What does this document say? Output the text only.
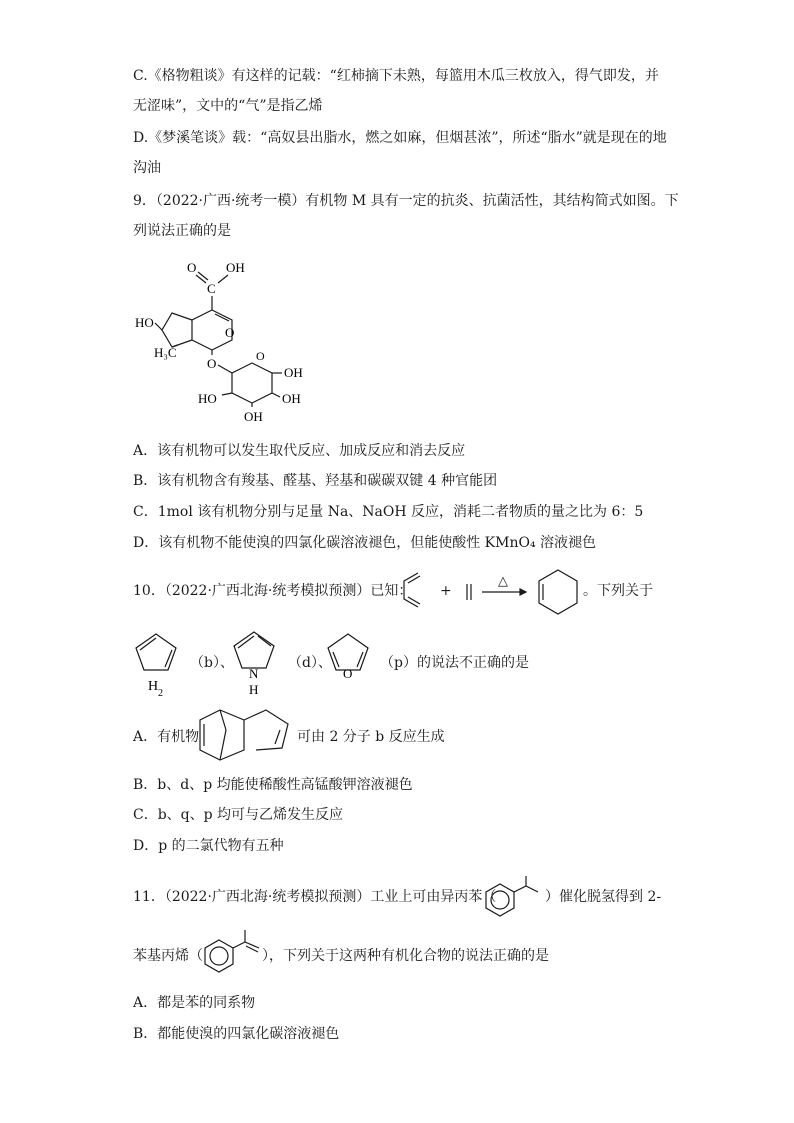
C.《格物粗谈》有这样的记载：“红柿摘下未熟，每篮用木瓜三枚放入，得气即发，并
无涩味”，文中的“气”是指乙烯
D.《梦溪笔谈》载：“高奴县出脂水，燃之如麻，但烟甚浓”，所述“脂水”就是现在的地
沟油
9．（2022·广西·统考一模）有机物 M 具有一定的抗炎、抗菌活性，其结构简式如图。下
列说法正确的是
O OH
C
O
HO
H₃C
O	O
OH
HO
OH
OH
A．该有机物可以发生取代反应、加成反应和消去反应
B．该有机物含有羧基、醛基、羟基和碳碳双键 4 种官能团
C．1mol 该有机物分别与足量 Na、NaOH 反应，消耗二者物质的量之比为 6：5
D．该有机物不能使溴的四氯化碳溶液褪色，但能使酸性 KMnO₄ 溶液褪色
10．（2022·广西北海·统考模拟预测）已知： +
△
。下列关于
H 2
（b）、
N
H
（d）、
O
（p）的说法不正确的是
A．有机物	可由 2 分子 b 反应生成
B．b、d、p 均能使稀酸性高锰酸钾溶液褪色
C．b、q、p 均可与乙烯发生反应
D．p 的二氯代物有五种
11．（2022·广西北海·统考模拟预测）工业上可由异丙苯（	）催化脱氢得到 2-
苯基丙烯（	），下列关于这两种有机化合物的说法正确的是
A．都是苯的同系物
B．都能使溴的四氯化碳溶液褪色
